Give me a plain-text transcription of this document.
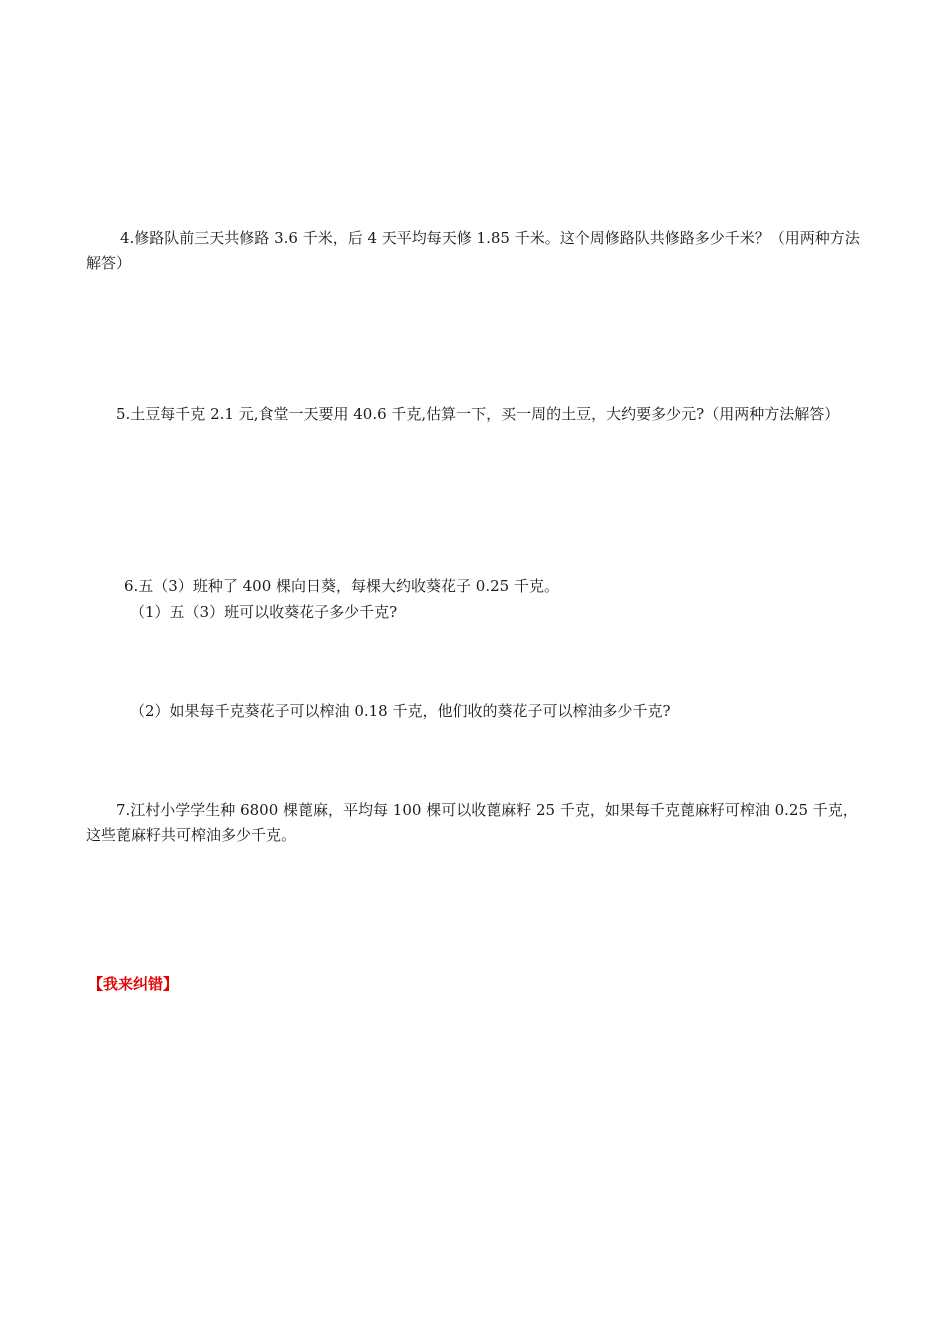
4.修路队前三天共修路 3.6 千米，后 4 天平均每天修 1.85 千米。这个周修路队共修路多少千米？（用两种方法解答）

5.土豆每千克 2.1 元,食堂一天要用 40.6 千克,估算一下，买一周的土豆，大约要多少元?（用两种方法解答）

6.五（3）班种了 400 棵向日葵，每棵大约收葵花子 0.25 千克。

（1）五（3）班可以收葵花子多少千克?

（2）如果每千克葵花子可以榨油 0.18 千克，他们收的葵花子可以榨油多少千克?

7.江村小学学生种 6800 棵蓖麻，平均每 100 棵可以收蓖麻籽 25 千克，如果每千克蓖麻籽可榨油 0.25 千克，这些蓖麻籽共可榨油多少千克。

【我来纠错】
